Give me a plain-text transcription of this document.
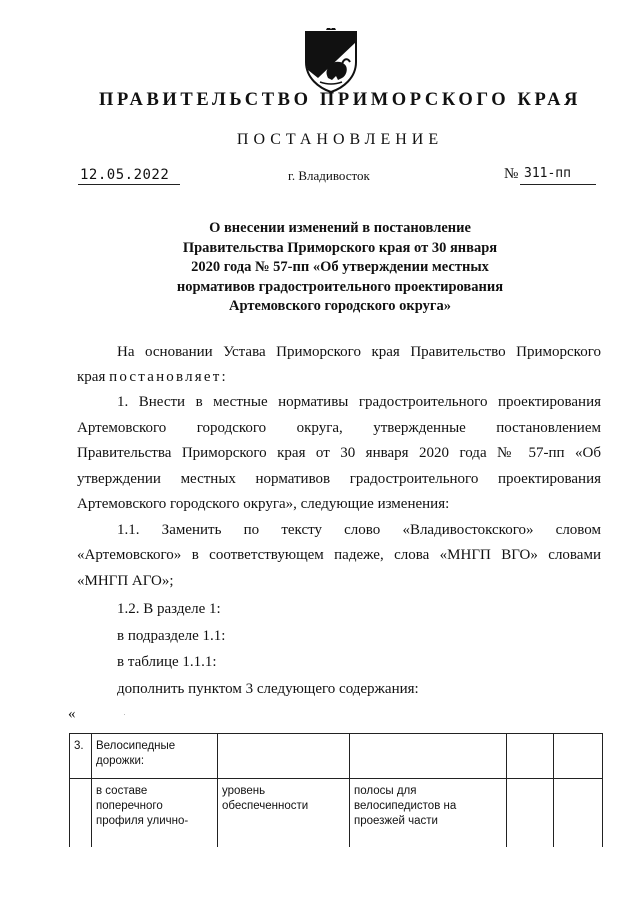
ПРАВИТЕЛЬСТВО ПРИМОРСКОГО КРАЯ
ПОСТАНОВЛЕНИЕ
12.05.2022	г. Владивосток	№ 311-пп
О внесении изменений в постановление
Правительства Приморского края от 30 января
2020 года № 57-пп «Об утверждении местных
нормативов градостроительного проектирования
Артемовского городского округа»
На основании Устава Приморского края Правительство Приморского
края постановляет:
1. Внести в местные нормативы градостроительного проектирования
Артемовского городского округа, утвержденные постановлением
Правительства Приморского края от 30 января 2020 года № 57-пп «Об
утверждении местных нормативов градостроительного проектирования
Артемовского городского округа», следующие изменения:
1.1. Заменить по тексту слово «Владивостокского» словом
«Артемовского» в соответствующем падеже, слова «МНГП ВГО» словами
«МНГП АГО»;
1.2. В разделе 1:
в подразделе 1.1:
в таблице 1.1.1:
дополнить пунктом 3 следующего содержания:
«
3.	Велосипедные дорожки:				
	в составе поперечного профиля улично-	уровень обеспеченности	полосы для велосипедистов на проезжей части		
